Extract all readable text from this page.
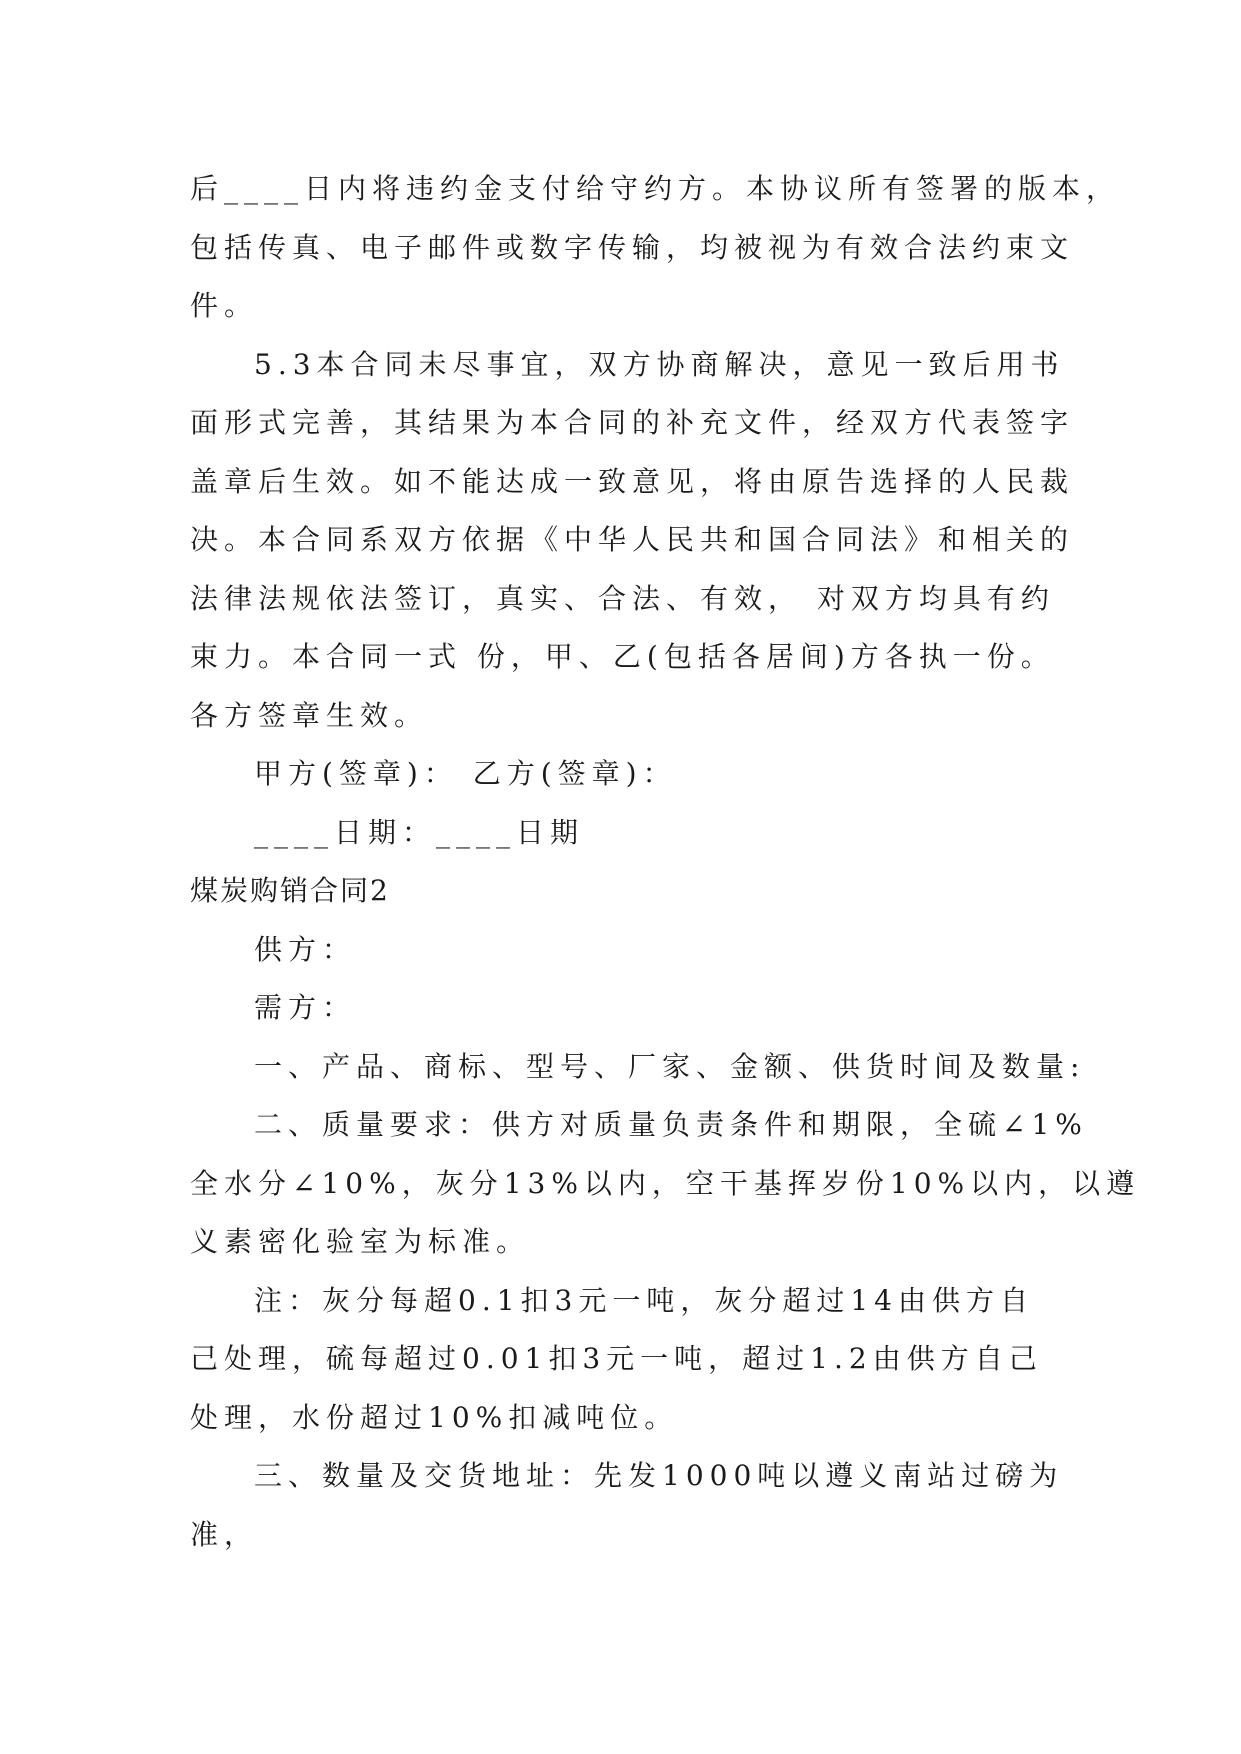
后____日内将违约金支付给守约方。本协议所有签署的版本，
包括传真、电子邮件或数字传输，均被视为有效合法约束文
件。
5.3本合同未尽事宜，双方协商解决，意见一致后用书
面形式完善，其结果为本合同的补充文件，经双方代表签字
盖章后生效。如不能达成一致意见，将由原告选择的人民裁
决。本合同系双方依据《中华人民共和国合同法》和相关的
法律法规依法签订，真实、合法、有效， 对双方均具有约
束力。本合同一式 份，甲、乙(包括各居间)方各执一份。
各方签章生效。
甲方(签章)： 乙方(签章)：
____日期：____日期
煤炭购销合同2
供方：
需方：
一、产品、商标、型号、厂家、金额、供货时间及数量:
二、质量要求：供方对质量负责条件和期限，全硫∠1%
全水分∠10%，灰分13%以内，空干基挥岁份10%以内，以遵
义素密化验室为标准。
注：灰分每超0.1扣3元一吨，灰分超过14由供方自
己处理，硫每超过0.01扣3元一吨，超过1.2由供方自己
处理，水份超过10%扣减吨位。
三、数量及交货地址：先发1000吨以遵义南站过磅为
准，
